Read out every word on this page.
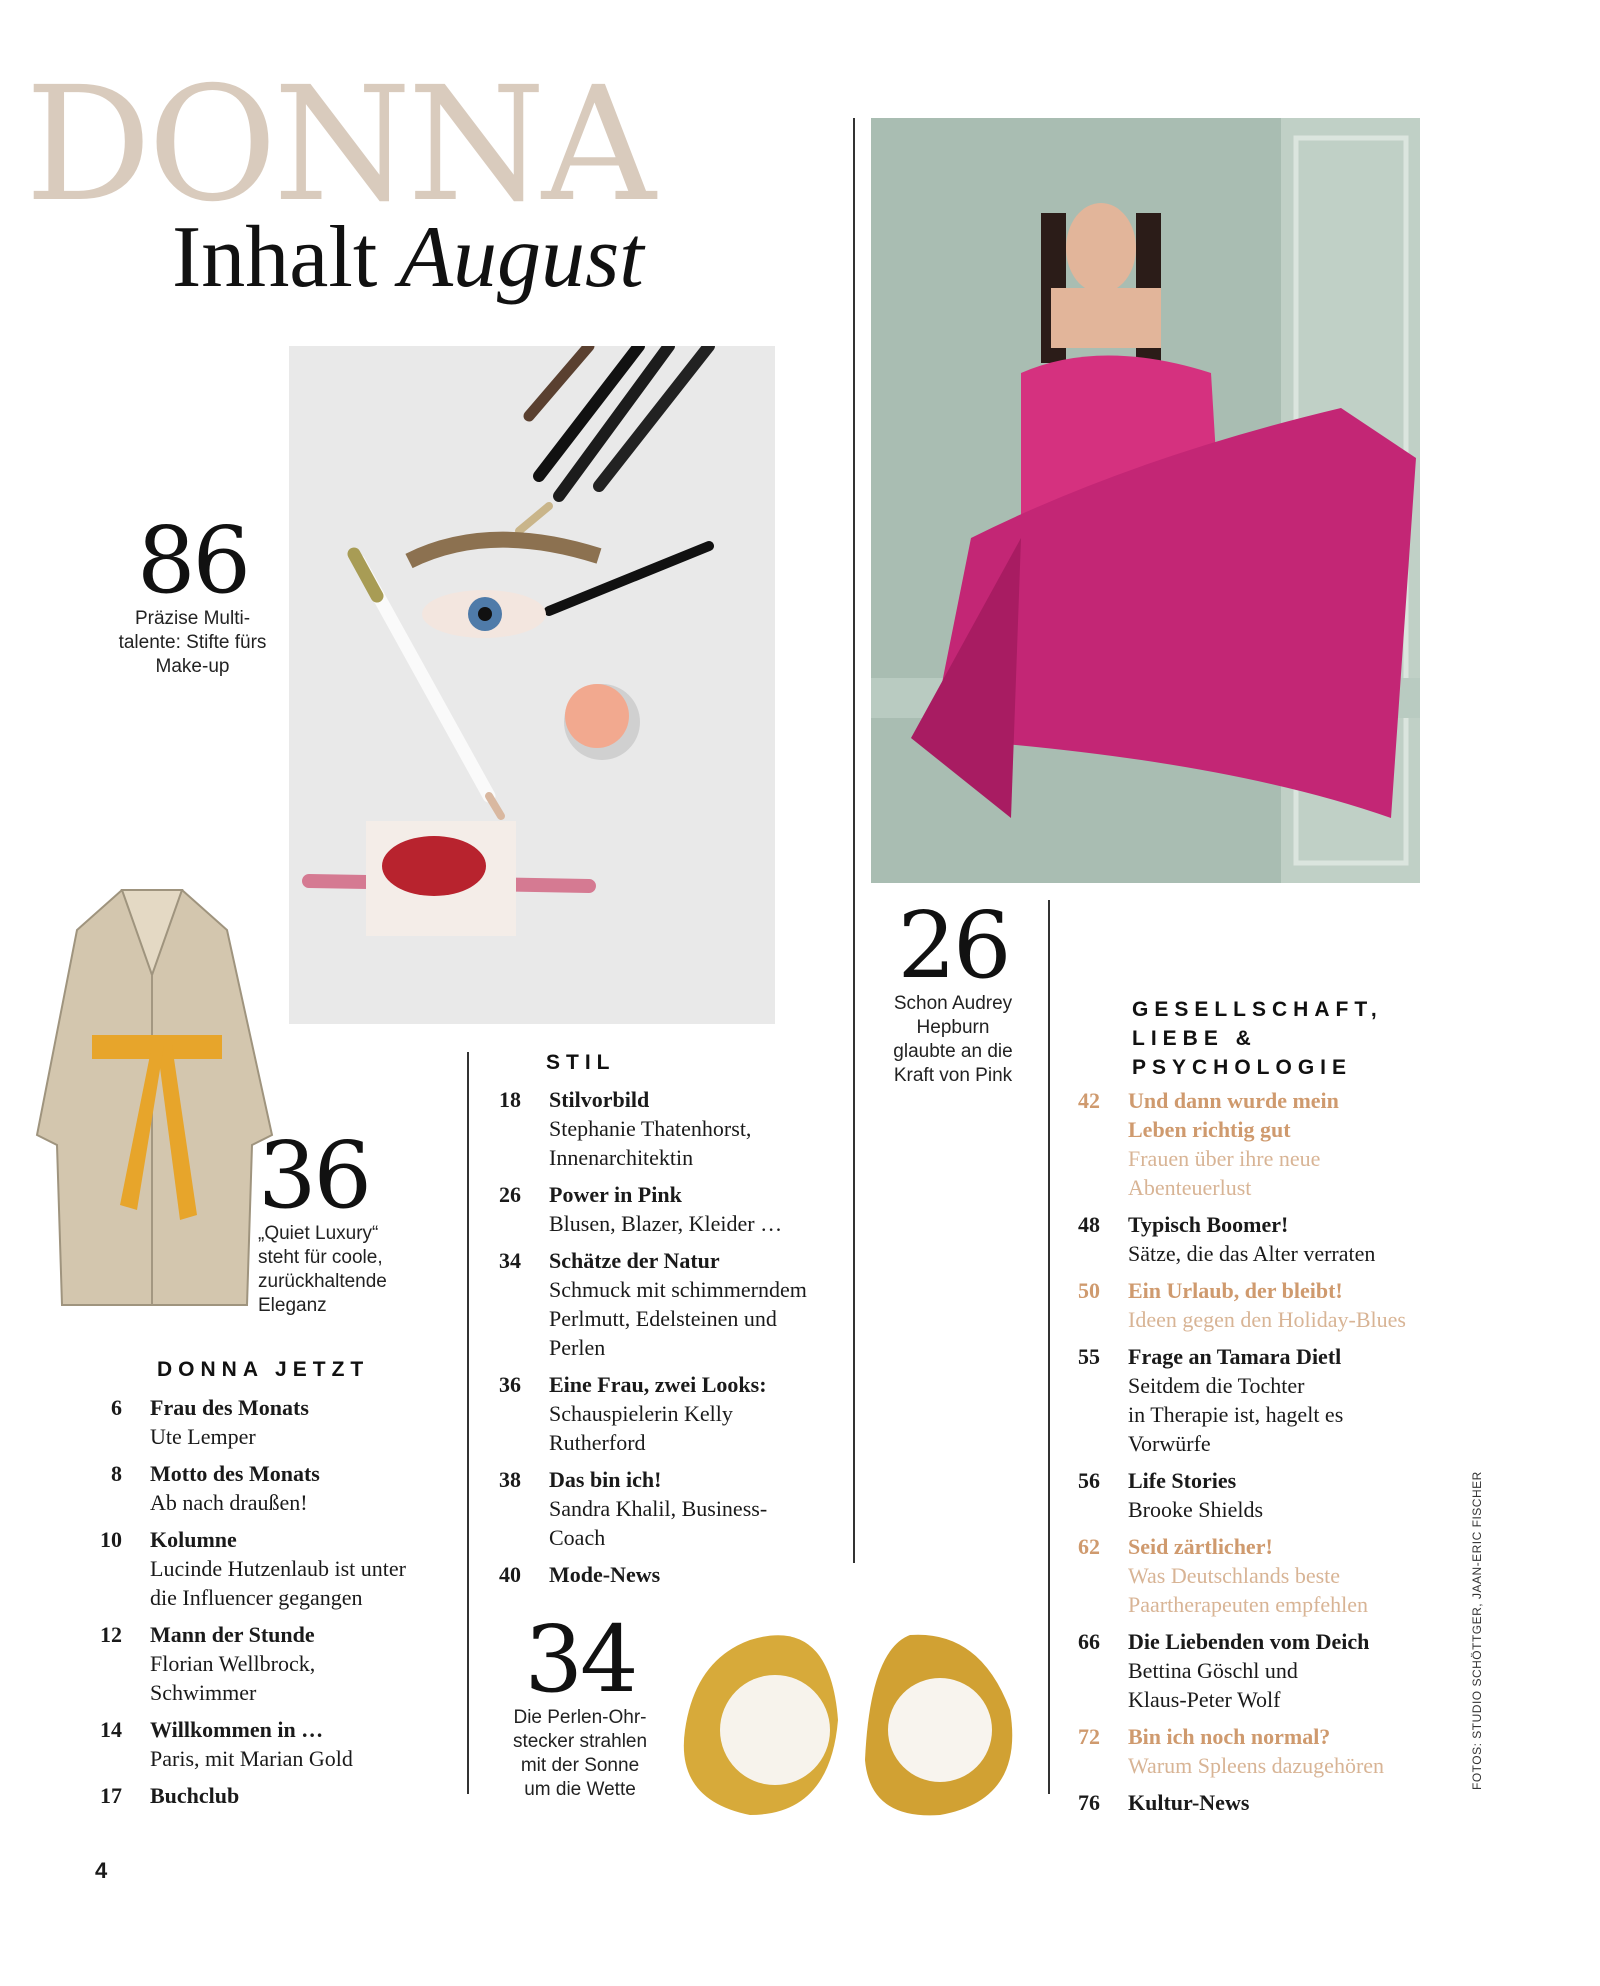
DONNA
Inhalt August
86
Präzise Multi-
talente: Stifte fürs
Make-up
36
„Quiet Luxury“
steht für coole,
zurückhaltende
Eleganz
26
Schon Audrey
Hepburn
glaubte an die
Kraft von Pink
34
Die Perlen-Ohr-
stecker strahlen
mit der Sonne
um die Wette
DONNA JETZT
6 Frau des Monats
Ute Lemper
8 Motto des Monats
Ab nach draußen!
10 Kolumne
Lucinde Hutzenlaub ist unter
die Influencer gegangen
12 Mann der Stunde
Florian Wellbrock,
Schwimmer
14 Willkommen in …
Paris, mit Marian Gold
17 Buchclub
STIL
18 Stilvorbild
Stephanie Thatenhorst,
Innenarchitektin
26 Power in Pink
Blusen, Blazer, Kleider …
34 Schätze der Natur
Schmuck mit schimmerndem
Perlmutt, Edelsteinen und
Perlen
36 Eine Frau, zwei Looks:
Schauspielerin Kelly
Rutherford
38 Das bin ich!
Sandra Khalil, Business-
Coach
40 Mode-News
GESELLSCHAFT,
LIEBE &
PSYCHOLOGIE
42 Und dann wurde mein
Leben richtig gut
Frauen über ihre neue
Abenteuerlust
48 Typisch Boomer!
Sätze, die das Alter verraten
50 Ein Urlaub, der bleibt!
Ideen gegen den Holiday-Blues
55 Frage an Tamara Dietl
Seitdem die Tochter
in Therapie ist, hagelt es
Vorwürfe
56 Life Stories
Brooke Shields
62 Seid zärtlicher!
Was Deutschlands beste
Paartherapeuten empfehlen
66 Die Liebenden vom Deich
Bettina Göschl und
Klaus-Peter Wolf
72 Bin ich noch normal?
Warum Spleens dazugehören
76 Kultur-News
4
FOTOS: STUDIO SCHÖTTGER, JAAN-ERIC FISCHER
